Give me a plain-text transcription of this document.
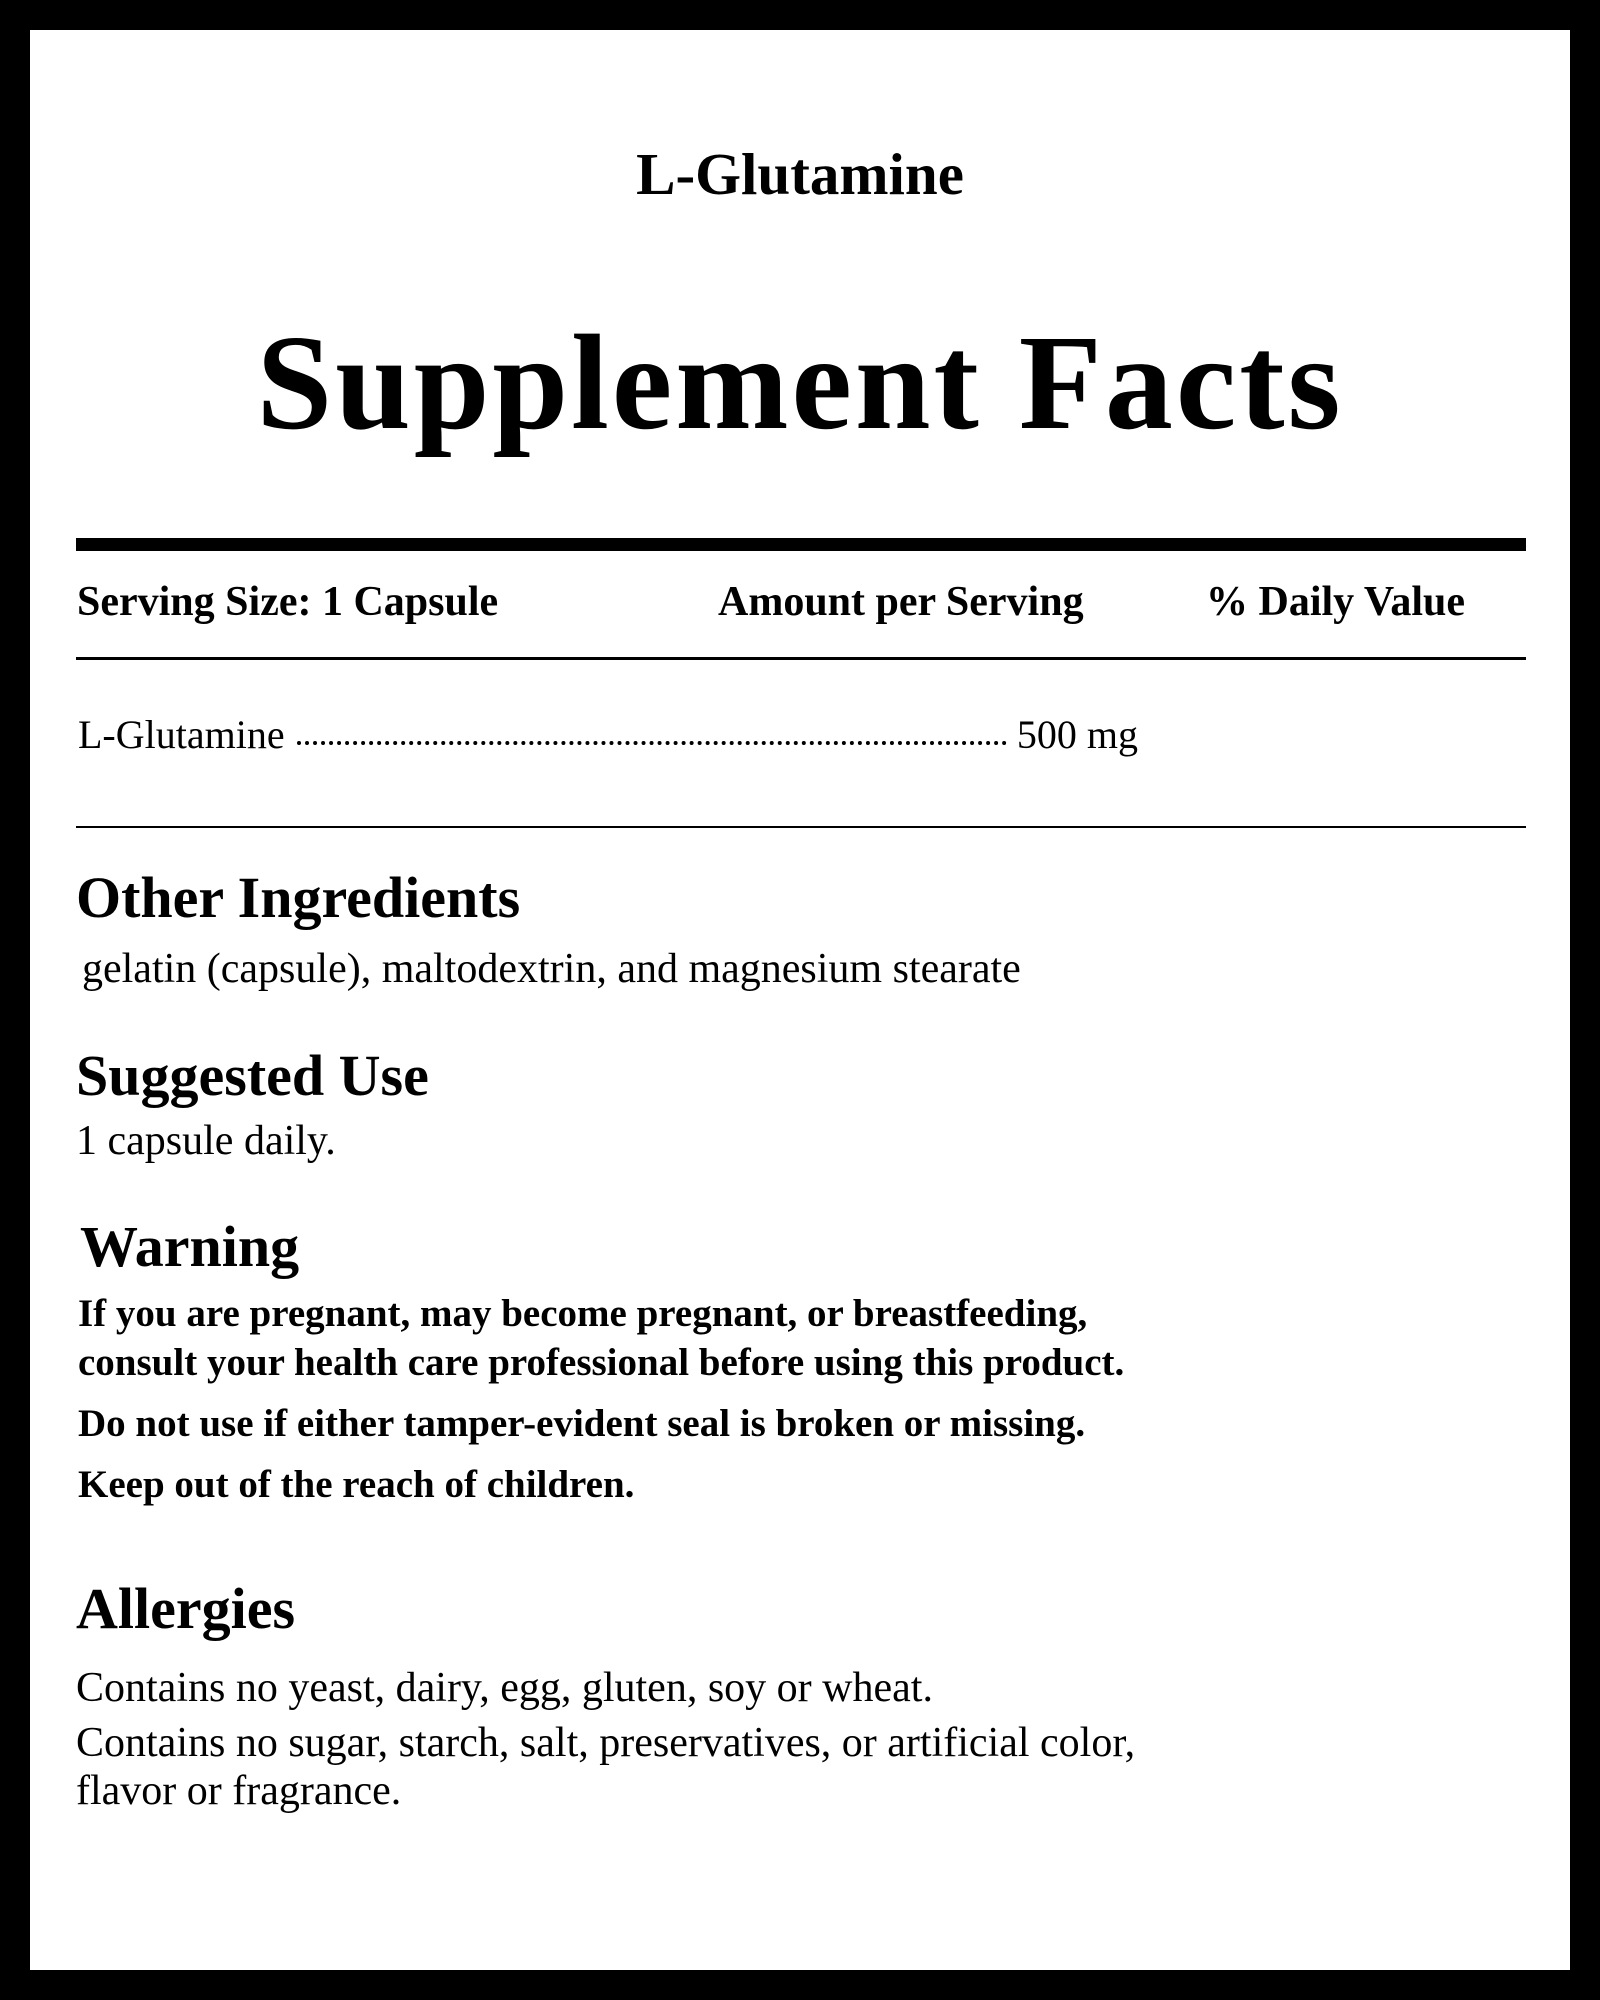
L-Glutamine
Supplement Facts
Serving Size: 1 Capsule	Amount per Serving	% Daily Value
L-Glutamine	500 mg
Other Ingredients
gelatin (capsule), maltodextrin, and magnesium stearate
Suggested Use
1 capsule daily.
Warning
If you are pregnant, may become pregnant, or breastfeeding,
consult your health care professional before using this product.
Do not use if either tamper-evident seal is broken or missing.
Keep out of the reach of children.
Allergies
Contains no yeast, dairy, egg, gluten, soy or wheat.
Contains no sugar, starch, salt, preservatives, or artificial color,
flavor or fragrance.
